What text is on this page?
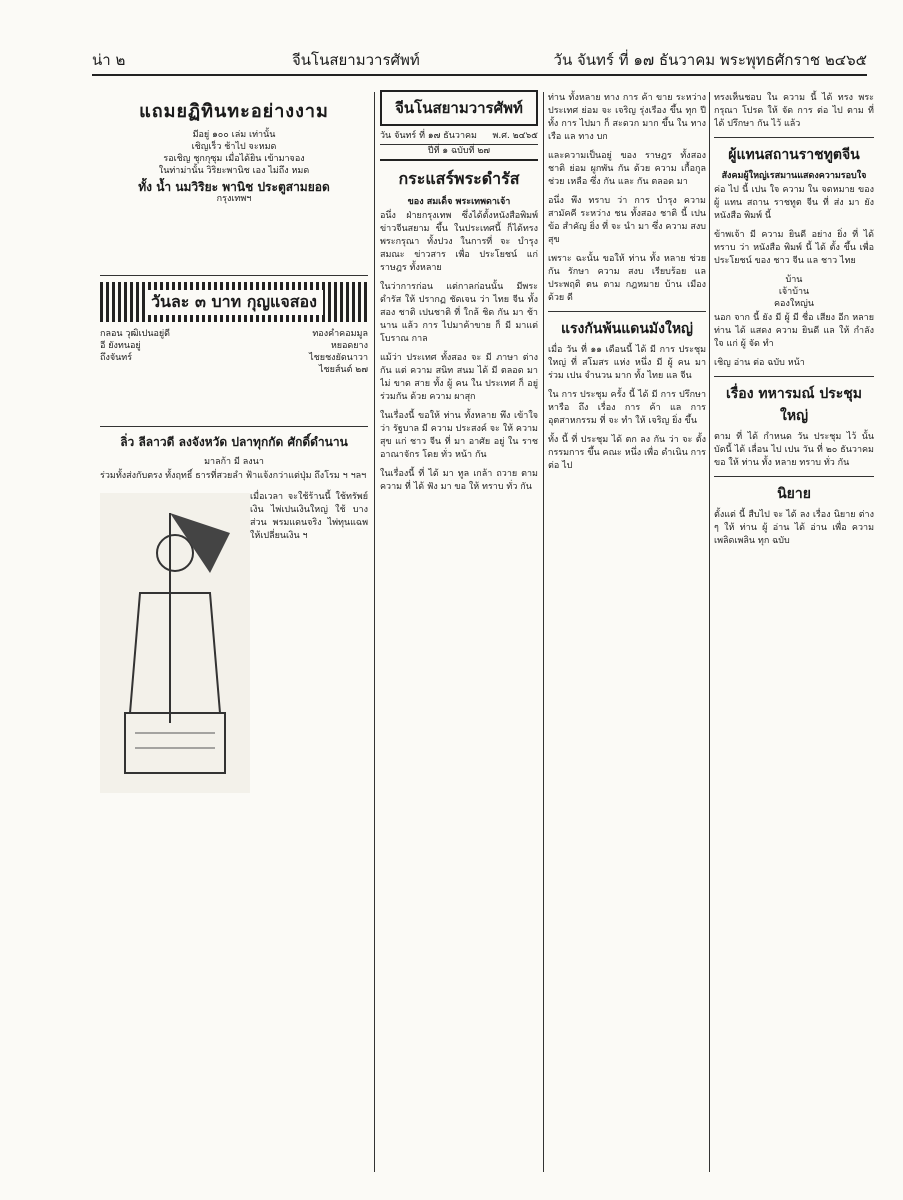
น่า ๒	จีนโนสยามวารศัพท์	วัน จันทร์ ที่ ๑๗ ธันวาคม พระพุทธศักราช ๒๔๖๕
แถมยฏิทินทะอย่างงาม
มีอยู่ ๑๐๐ เล่ม เท่านั้น
เชิญเร็ว ช้าไป จะหมด
รอเชิญ ชุกกุซุม เมื่อได้ยิน เข้ามาจอง
ในท่าม่านั้น วิริยะพานิช เอง ไม่ถึง หมด
ทั้ง น้ำ นมวิริยะ พานิช ประตูสามยอด
กรุงเทพฯ
วันละ ๓ บาท กุญแจสอง
กลอน วุฒิเปนอยู่ดี	ทองคำคอมมูล
อี ยังทนอยู่	หยอดยาง
ถึงจันทร์	ไชยชงยัดนาวา
ไชยส์นต์ ๒๗
ลิ่ว ลีลาวดี ลงจังหวัด ปลาทุกกัด ศักดิ์ดำนาน
มาลก้า มี ลงนา
ร่วมทั้งส่งกับตรง ทั้งฤทธิ์ ธารที่สวยลำ ฟ้าแจ้งกว่าแต่ปุ่ม ถึงโรม ฯ ฯลฯ
เมื่อเวลา จะใช้ร้านนี้ ใช้ทรัพย์เงิน ไพ่เปนเงินใหญ่ ใช้ บางส่วน พรมแดนจริง ไพ่ทุนแฉพ ให้เปลี่ยนเงิน ฯ
จีนโนสยามวารศัพท์
วัน จันทร์ ที่ ๑๗ ธันวาคม พ.ศ. ๒๔๖๕
ปีที่ ๑ ฉบับที่ ๒๗
กระแสร์พระดำรัส
ของ สมเด็จ พระเทพดาเจ้า
อนึ่ง ฝ่ายกรุงเทพ ซึ่งได้ตั้งหนังสือพิมพ์ข่าวจีนสยาม ขึ้น ในประเทศนี้ ก็ได้ทรงพระกรุณา ทั้งปวง ในการที่ จะ บำรุงสมณะ ข่าวสาร เพื่อ ประโยชน์ แก่ ราษฎร ทั้งหลาย
ในว่าการก่อน แต่กาลก่อนนั้น มีพระดำรัส ให้ ปรากฏ ชัดเจน ว่า ไทย จีน ทั้ง สอง ชาติ เปนชาติ ที่ ใกล้ ชิด กัน มา ช้านาน แล้ว การ ไปมาค้าขาย ก็ มี มาแต่ โบราณ กาล
แม้ว่า ประเทศ ทั้งสอง จะ มี ภาษา ต่างกัน แต่ ความ สนิท สนม ได้ มี ตลอด มา ไม่ ขาด สาย ทั้ง ผู้ คน ใน ประเทศ ก็ อยู่ ร่วมกัน ด้วย ความ ผาสุก
ในเรื่องนี้ ขอให้ ท่าน ทั้งหลาย พึง เข้าใจ ว่า รัฐบาล มี ความ ประสงค์ จะ ให้ ความ สุข แก่ ชาว จีน ที่ มา อาศัย อยู่ ใน ราช อาณาจักร โดย ทั่ว หน้า กัน
ในเรื่องนี้ ที่ ได้ มา ทูล เกล้า ถวาย ตาม ความ ที่ ได้ ฟัง มา ขอ ให้ ทราบ ทั่ว กัน
ท่าน ทั้งหลาย ทาง การ ค้า ขาย ระหว่าง ประเทศ ย่อม จะ เจริญ รุ่งเรือง ขึ้น ทุก ปี ทั้ง การ ไปมา ก็ สะดวก มาก ขึ้น ใน ทาง เรือ แล ทาง บก
และความเป็นอยู่ ของ ราษฎร ทั้งสอง ชาติ ย่อม ผูกพัน กัน ด้วย ความ เกื้อกูล ช่วย เหลือ ซึ่ง กัน และ กัน ตลอด มา
อนึ่ง พึง ทราบ ว่า การ บำรุง ความ สามัคคี ระหว่าง ชน ทั้งสอง ชาติ นี้ เปน ข้อ สำคัญ ยิ่ง ที่ จะ นำ มา ซึ่ง ความ สงบ สุข
เพราะ ฉะนั้น ขอให้ ท่าน ทั้ง หลาย ช่วย กัน รักษา ความ สงบ เรียบร้อย แล ประพฤติ ตน ตาม กฎหมาย บ้าน เมือง ด้วย ดี
แรงกันพ้นแดนมังใหญ่
เมื่อ วัน ที่ ๑๑ เดือนนี้ ได้ มี การ ประชุม ใหญ่ ที่ สโมสร แห่ง หนึ่ง มี ผู้ คน มา ร่วม เปน จำนวน มาก ทั้ง ไทย แล จีน
ใน การ ประชุม ครั้ง นี้ ได้ มี การ ปรึกษา หารือ ถึง เรื่อง การ ค้า แล การ อุตสาหกรรม ที่ จะ ทำ ให้ เจริญ ยิ่ง ขึ้น
ทั้ง นี้ ที่ ประชุม ได้ ตก ลง กัน ว่า จะ ตั้ง กรรมการ ขึ้น คณะ หนึ่ง เพื่อ ดำเนิน การ ต่อ ไป
ทรงเห็นชอบ ใน ความ นี้ ได้ ทรง พระ กรุณา โปรด ให้ จัด การ ต่อ ไป ตาม ที่ ได้ ปรึกษา กัน ไว้ แล้ว
ผู้แทนสถานราชทูตจีน
สังคมผู้ใหญ่เรสมานแสดงความรอบใจ
ค่อ ไป นี้ เปน ใจ ความ ใน จดหมาย ของ ผู้ แทน สถาน ราชทูต จีน ที่ ส่ง มา ยัง หนังสือ พิมพ์ นี้
ข้าพเจ้า มี ความ ยินดี อย่าง ยิ่ง ที่ ได้ ทราบ ว่า หนังสือ พิมพ์ นี้ ได้ ตั้ง ขึ้น เพื่อ ประโยชน์ ของ ชาว จีน แล ชาว ไทย
บ้าน
เจ้าบ้าน
คองใหญ่น
นอก จาก นี้ ยัง มี ผู้ มี ชื่อ เสียง อีก หลาย ท่าน ได้ แสดง ความ ยินดี แล ให้ กำลัง ใจ แก่ ผู้ จัด ทำ
เชิญ อ่าน ต่อ ฉบับ หน้า
เรื่อง ทหารมณ์ ประชุมใหญ่
ตาม ที่ ได้ กำหนด วัน ประชุม ไว้ นั้น บัดนี้ ได้ เลื่อน ไป เปน วัน ที่ ๒๐ ธันวาคม ขอ ให้ ท่าน ทั้ง หลาย ทราบ ทั่ว กัน
นิยาย
ตั้งแต่ นี้ สืบไป จะ ได้ ลง เรื่อง นิยาย ต่าง ๆ ให้ ท่าน ผู้ อ่าน ได้ อ่าน เพื่อ ความ เพลิดเพลิน ทุก ฉบับ
